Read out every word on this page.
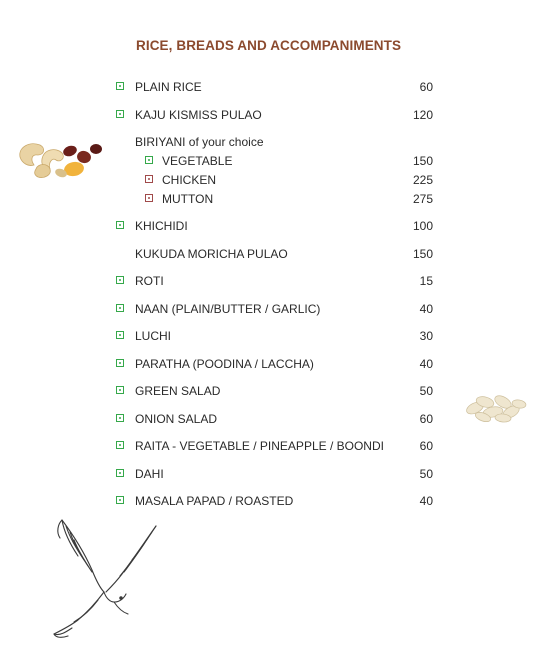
RICE, BREADS AND ACCOMPANIMENTS
PLAIN RICE	60
KAJU KISMISS PULAO	120
BIRIYANI of your choice
VEGETABLE	150
CHICKEN	225
MUTTON	275
KHICHIDI	100
KUKUDA MORICHA PULAO	150
ROTI	15
NAAN (PLAIN/BUTTER / GARLIC)	40
LUCHI	30
PARATHA (POODINA / LACCHA)	40
GREEN SALAD	50
ONION SALAD	60
RAITA - VEGETABLE / PINEAPPLE / BOONDI	60
DAHI	50
MASALA PAPAD / ROASTED	40
